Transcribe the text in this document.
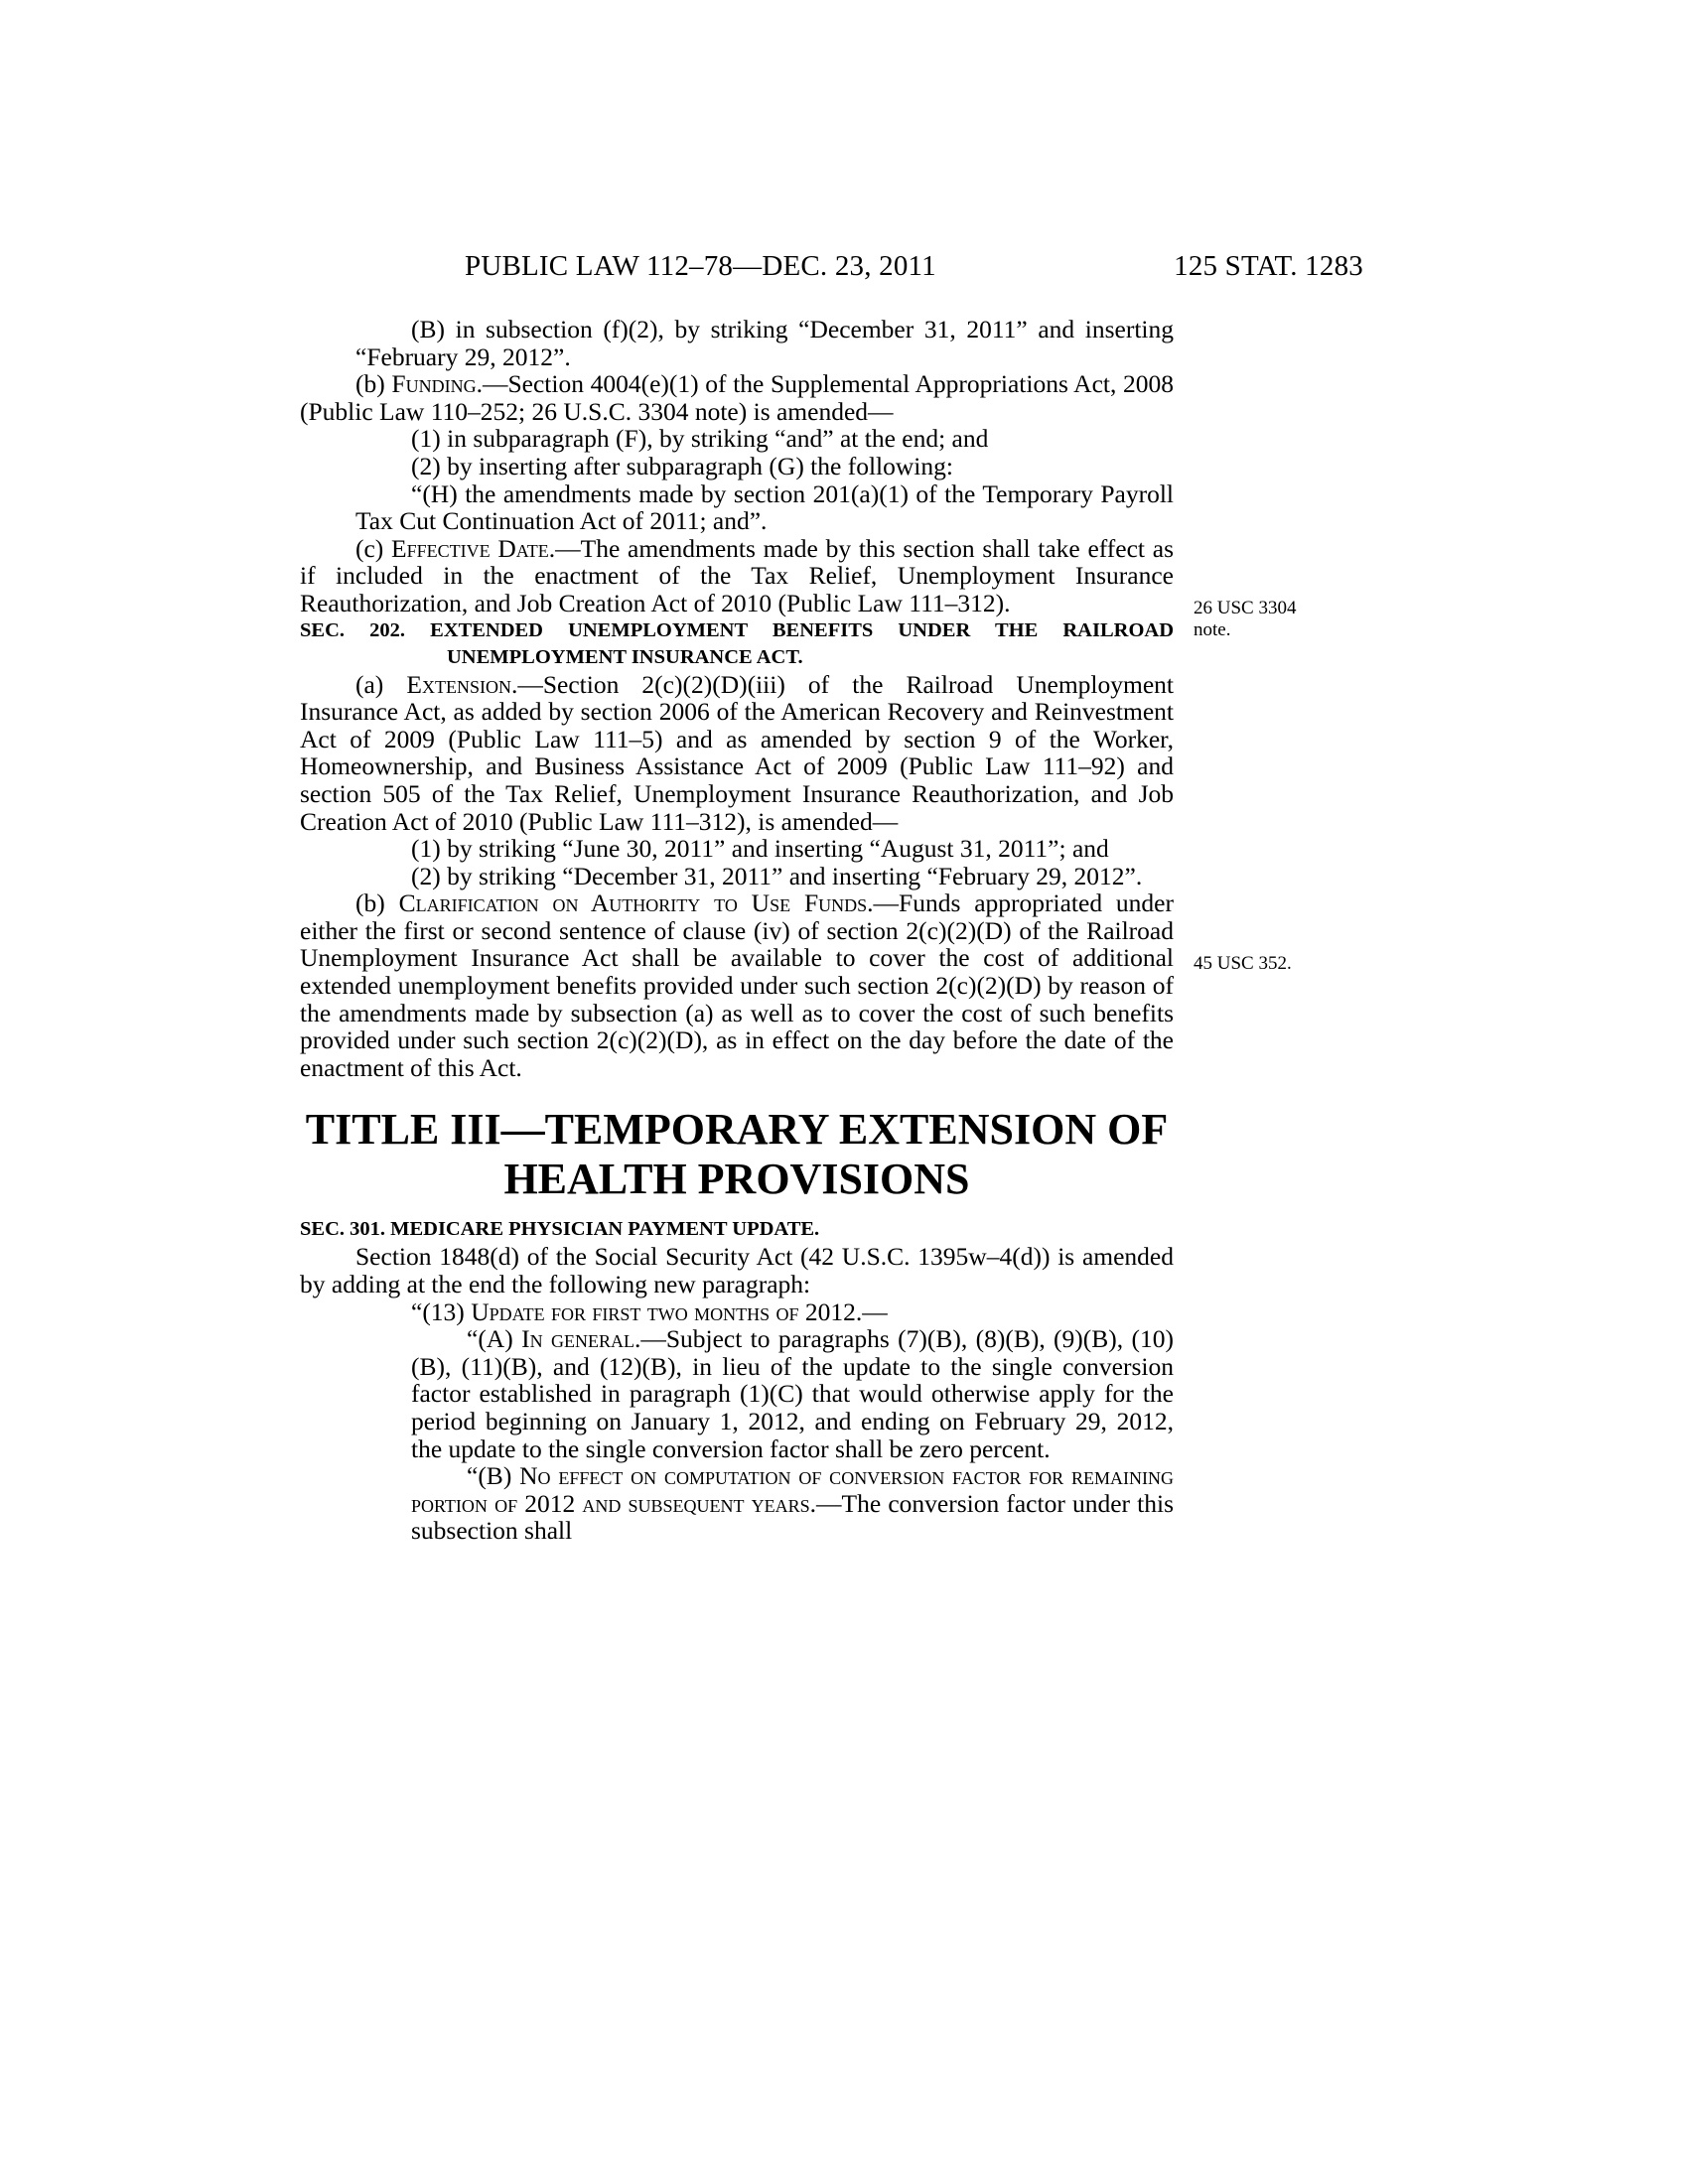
PUBLIC LAW 112–78—DEC. 23, 2011	125 STAT. 1283
26 USC 3304
note.
45 USC 352.

(B) in subsection (f)(2), by striking “December 31, 2011” and inserting “February 29, 2012”.

(b) Funding.—Section 4004(e)(1) of the Supplemental Appropriations Act, 2008 (Public Law 110–252; 26 U.S.C. 3304 note) is amended—

(1) in subparagraph (F), by striking “and” at the end; and

(2) by inserting after subparagraph (G) the following:

“(H) the amendments made by section 201(a)(1) of the Temporary Payroll Tax Cut Continuation Act of 2011; and”.

(c) Effective Date.—The amendments made by this section shall take effect as if included in the enactment of the Tax Relief, Unemployment Insurance Reauthorization, and Job Creation Act of 2010 (Public Law 111–312).

SEC. 202. EXTENDED UNEMPLOYMENT BENEFITS UNDER THE RAILROAD UNEMPLOYMENT INSURANCE ACT.

(a) Extension.—Section 2(c)(2)(D)(iii) of the Railroad Unemployment Insurance Act, as added by section 2006 of the American Recovery and Reinvestment Act of 2009 (Public Law 111–5) and as amended by section 9 of the Worker, Homeownership, and Business Assistance Act of 2009 (Public Law 111–92) and section 505 of the Tax Relief, Unemployment Insurance Reauthorization, and Job Creation Act of 2010 (Public Law 111–312), is amended—

(1) by striking “June 30, 2011” and inserting “August 31, 2011”; and

(2) by striking “December 31, 2011” and inserting “February 29, 2012”.

(b) Clarification on Authority to Use Funds.—Funds appropriated under either the first or second sentence of clause (iv) of section 2(c)(2)(D) of the Railroad Unemployment Insurance Act shall be available to cover the cost of additional extended unemployment benefits provided under such section 2(c)(2)(D) by reason of the amendments made by subsection (a) as well as to cover the cost of such benefits provided under such section 2(c)(2)(D), as in effect on the day before the date of the enactment of this Act.

TITLE III—TEMPORARY EXTENSION OF
HEALTH PROVISIONS

SEC. 301. MEDICARE PHYSICIAN PAYMENT UPDATE.

Section 1848(d) of the Social Security Act (42 U.S.C. 1395w–4(d)) is amended by adding at the end the following new paragraph:

“(13) Update for first two months of 2012.—

“(A) In general.—Subject to paragraphs (7)(B), (8)(B), (9)(B), (10)(B), (11)(B), and (12)(B), in lieu of the update to the single conversion factor established in paragraph (1)(C) that would otherwise apply for the period beginning on January 1, 2012, and ending on February 29, 2012, the update to the single conversion factor shall be zero percent.

“(B) No effect on computation of conversion factor for remaining portion of 2012 and subsequent years.—The conversion factor under this subsection shall
